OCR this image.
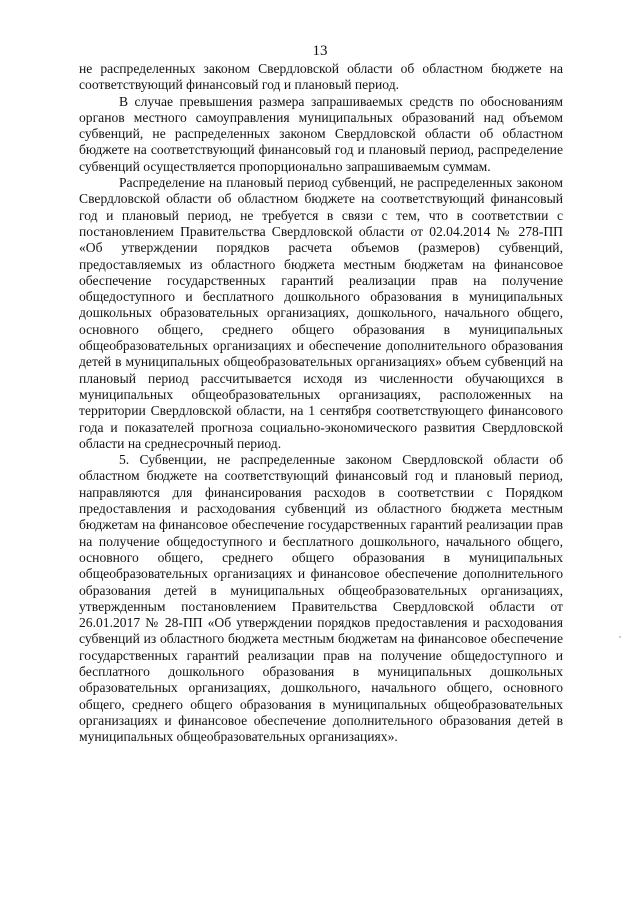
13

не распределенных законом Свердловской области об областном бюджете на соответствующий финансовый год и плановый период.

В случае превышения размера запрашиваемых средств по обоснованиям органов местного самоуправления муниципальных образований над объемом субвенций, не распределенных законом Свердловской области об областном бюджете на соответствующий финансовый год и плановый период, распределение субвенций осуществляется пропорционально запрашиваемым суммам.

Распределение на плановый период субвенций, не распределенных законом Свердловской области об областном бюджете на соответствующий финансовый год и плановый период, не требуется в связи с тем, что в соответствии с постановлением Правительства Свердловской области от 02.04.2014 № 278-ПП «Об утверждении порядков расчета объемов (размеров) субвенций, предоставляемых из областного бюджета местным бюджетам на финансовое обеспечение государственных гарантий реализации прав на получение общедоступного и бесплатного дошкольного образования в муниципальных дошкольных образовательных организациях, дошкольного, начального общего, основного общего, среднего общего образования в муниципальных общеобразовательных организациях и обеспечение дополнительного образования детей в муниципальных общеобразовательных организациях» объем субвенций на плановый период рассчитывается исходя из численности обучающихся в муниципальных общеобразовательных организациях, расположенных на территории Свердловской области, на 1 сентября соответствующего финансового года и показателей прогноза социально-экономического развития Свердловской области на среднесрочный период.

5. Субвенции, не распределенные законом Свердловской области об областном бюджете на соответствующий финансовый год и плановый период, направляются для финансирования расходов в соответствии с Порядком предоставления и расходования субвенций из областного бюджета местным бюджетам на финансовое обеспечение государственных гарантий реализации прав на получение общедоступного и бесплатного дошкольного, начального общего, основного общего, среднего общего образования в муниципальных общеобразовательных организациях и финансовое обеспечение дополнительного образования детей в муниципальных общеобразовательных организациях, утвержденным постановлением Правительства Свердловской области от 26.01.2017 № 28-ПП «Об утверждении порядков предоставления и расходования субвенций из областного бюджета местным бюджетам на финансовое обеспечение государственных гарантий реализации прав на получение общедоступного и бесплатного дошкольного образования в муниципальных дошкольных образовательных организациях, дошкольного, начального общего, основного общего, среднего общего образования в муниципальных общеобразовательных организациях и финансовое обеспечение дополнительного образования детей в муниципальных общеобразовательных организациях».
